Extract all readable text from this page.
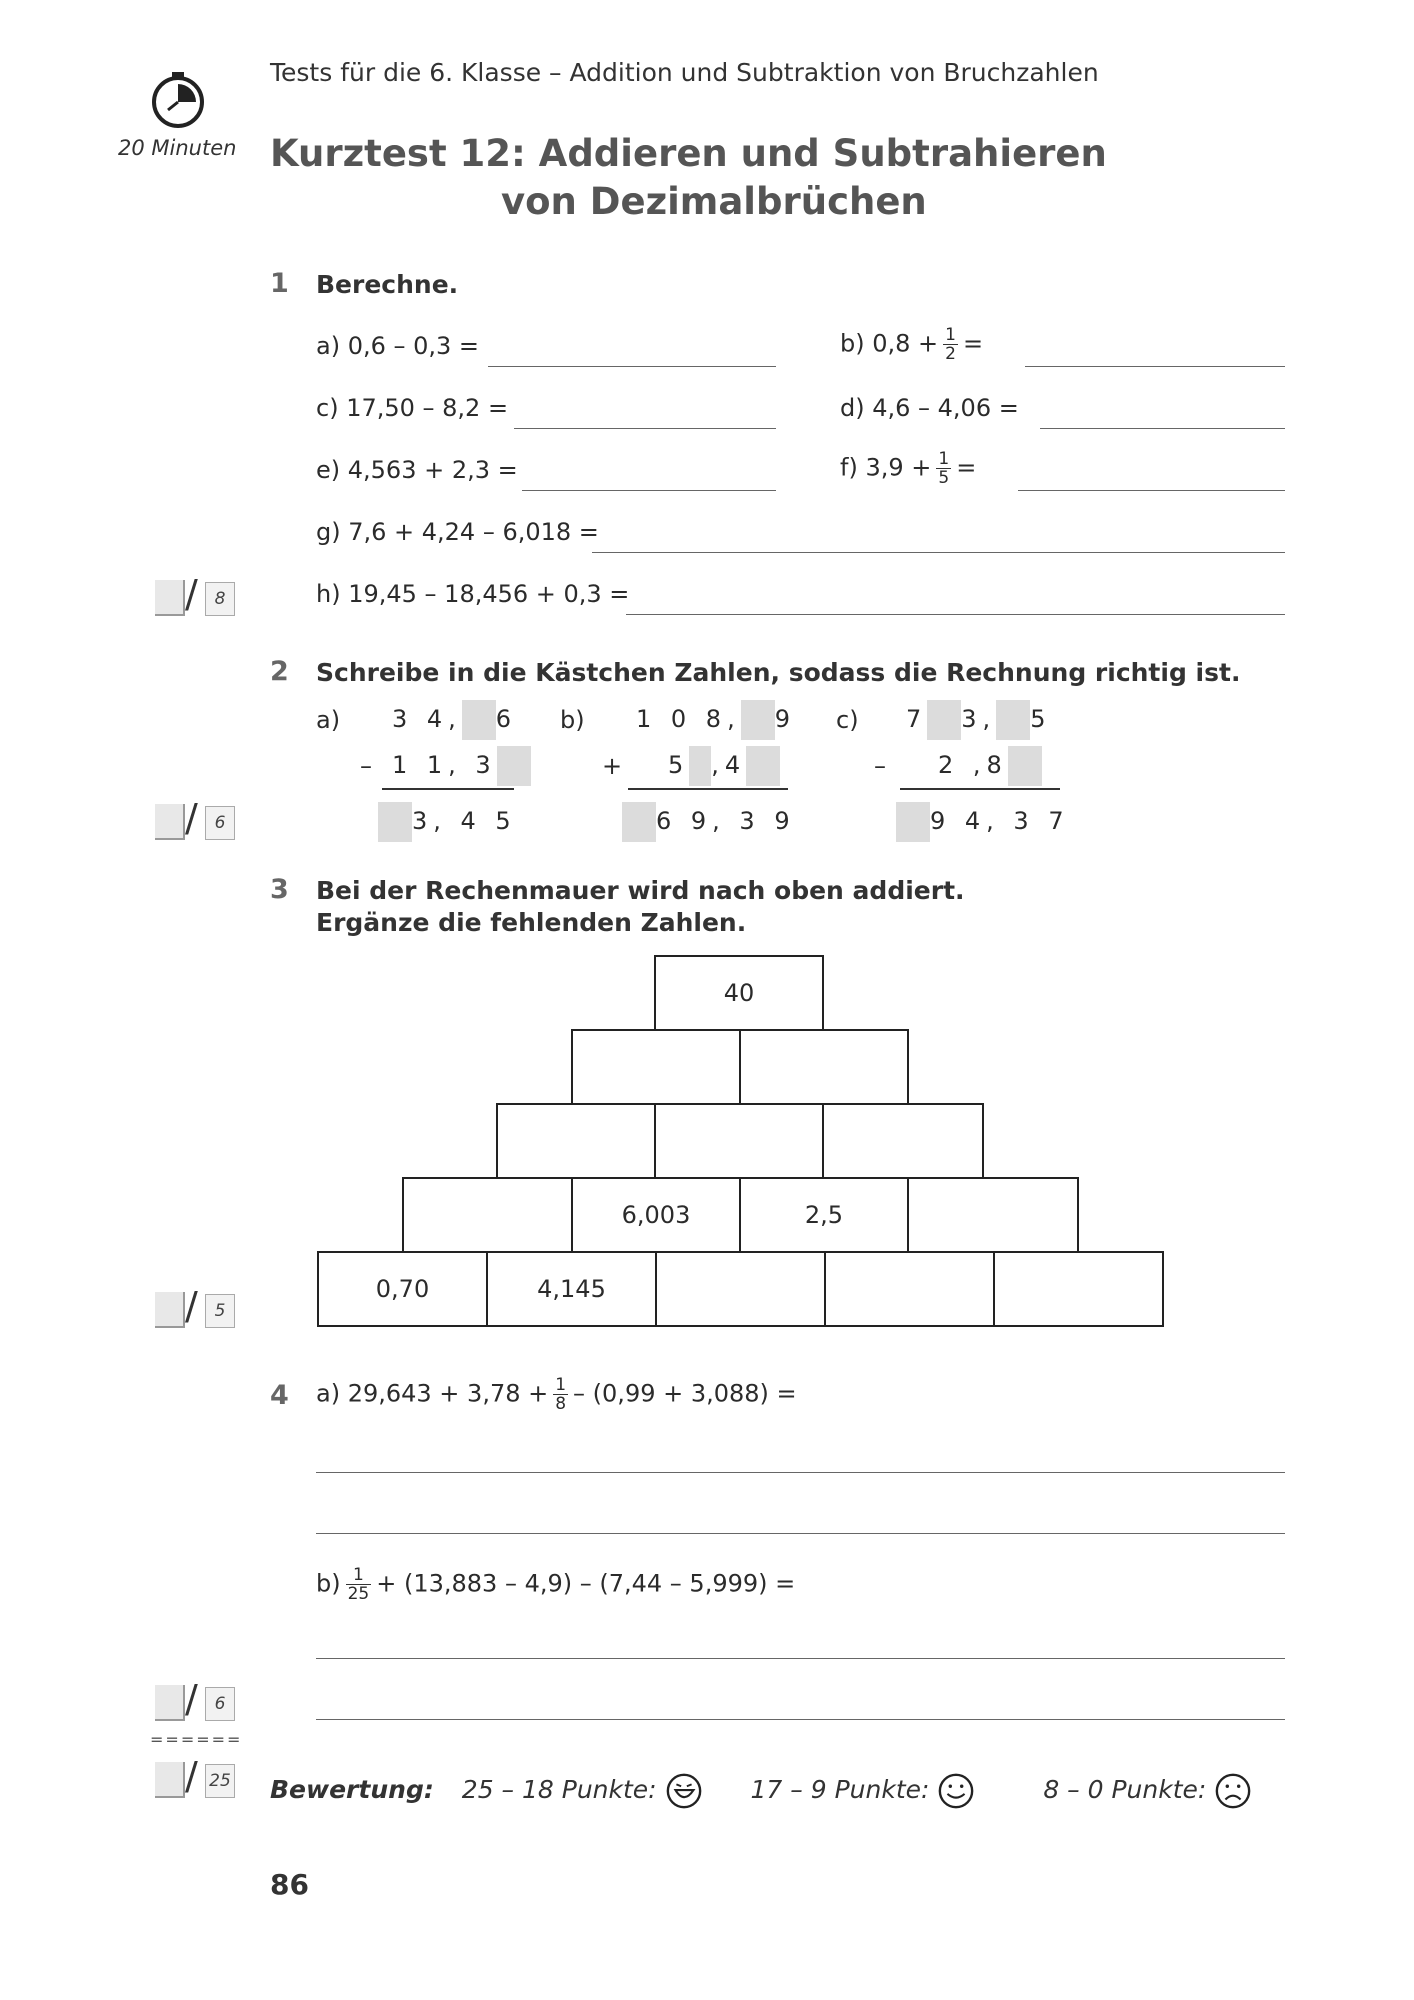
Tests für die 6. Klasse – Addition und Subtraktion von Bruchzahlen
20 Minuten Kurztest 12: Addieren und Subtrahieren
von Dezimalbrüchen
1 Berechne.
a) 0,6 – 0,3 =	b) $0,8 + \frac{1}{2}$ =
c) 17,50 – 8,2 =	d) 4,6 – 4,06 =
e) 4,563 + 2,3 =	f) $3,9 + \frac{1}{5}$ =
g) 7,6 + 4,24 – 6,018 =
h) 19,45 – 18,456 + 0,3 =
/ 8
2 Schreibe in die Kästchen Zahlen, sodass die Rechnung richtig ist.
a) 3 4, 6
– 1 1, 3
3, 4 5
b) 1 0 8, 9
+ 5 ,4
6 9, 3 9
c) 7 3, 5
– 2 ,8
9 4, 3 7
/ 6
3 Bei der Rechenmauer wird nach oben addiert.
Ergänze die fehlenden Zahlen.
40
6,003	2,5
0,70	4,145
/ 5
4 a) $29,643 + 3,78 + \frac{1}{8} - (0,99 + 3,088)$ =
$b) \frac{1}{25} + (13,883 - 4,9) - (7,44 - 5,999)$ =
/ 6
======
/ 25 Bewertung: 25 – 18 Punkte:	17 – 9 Punkte:	8 – 0 Punkte:
86
